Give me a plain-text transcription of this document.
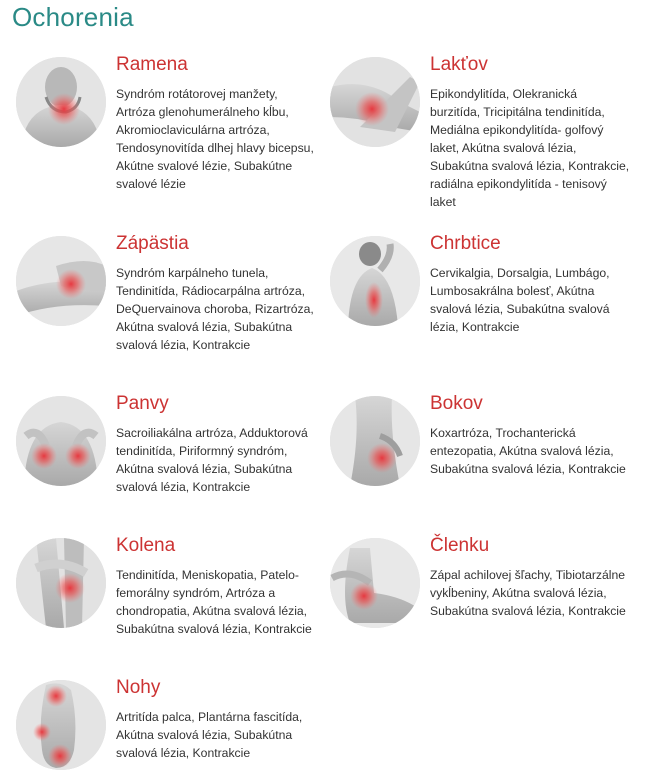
Ochorenia
Ramena

Syndróm rotátorovej manžety, Artróza glenohumerálneho kĺbu, Akromioclaviculárna artróza, Tendosynovitída dlhej hlavy bicepsu, Akútne svalové lézie, Subakútne svalové lézie

Lakťov

Epikondylitída, Olekranická burzitída, Tricipitálna tendinitída, Mediálna epikondylitída- golfový laket, Akútna svalová lézia, Subakútna svalová lézia, Kontrakcie, radiálna epikondylitída - tenisový laket

Zápästia

Syndróm karpálneho tunela, Tendinitída, Rádiocarpálna artróza, DeQuervainova choroba, Rizartróza, Akútna svalová lézia, Subakútna svalová lézia, Kontrakcie

Chrbtice

Cervikalgia, Dorsalgia, Lumbágo, Lumbosakrálna bolesť, Akútna svalová lézia, Subakútna svalová lézia, Kontrakcie

Panvy

Sacroiliakálna artróza, Adduktorová tendinitída, Piriformný syndróm, Akútna svalová lézia, Subakútna svalová lézia, Kontrakcie

Bokov

Koxartróza, Trochanterická entezopatia, Akútna svalová lézia, Subakútna svalová lézia, Kontrakcie

Kolena

Tendinitída, Meniskopatia, Patelo-femorálny syndróm, Artróza a chondropatia, Akútna svalová lézia, Subakútna svalová lézia, Kontrakcie

Členku

Zápal achilovej šľachy, Tibiotarzálne vykĺbeniny, Akútna svalová lézia, Subakútna svalová lézia, Kontrakcie

Nohy

Artritída palca, Plantárna fascitída, Akútna svalová lézia, Subakútna svalová lézia, Kontrakcie
